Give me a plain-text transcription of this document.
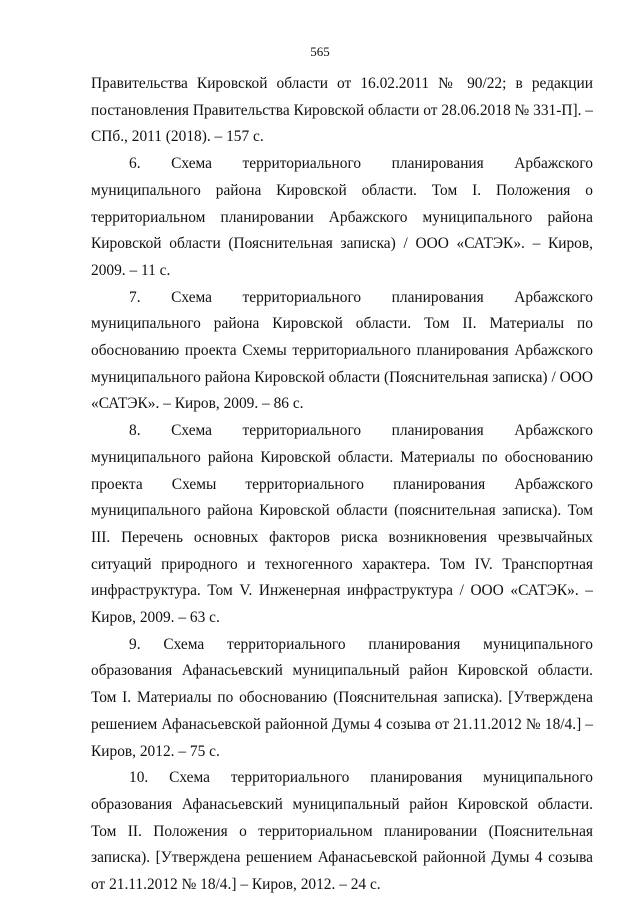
565

Правительства Кировской области от 16.02.2011 № 90/22; в редакции постановления Правительства Кировской области от 28.06.2018 № 331-П]. – СПб., 2011 (2018). – 157 с.

6. Схема территориального планирования Арбажского муниципального района Кировской области. Том I. Положения о территориальном планировании Арбажского муниципального района Кировской области (Пояснительная записка) / ООО «САТЭК». – Киров, 2009. – 11 с.

7. Схема территориального планирования Арбажского муниципального района Кировской области. Том II. Материалы по обоснованию проекта Схемы территориального планирования Арбажского муниципального района Кировской области (Пояснительная записка) / ООО «САТЭК». – Киров, 2009. – 86 с.

8. Схема территориального планирования Арбажского муниципального района Кировской области. Материалы по обоснованию проекта Схемы территориального планирования Арбажского муниципального района Кировской области (пояснительная записка). Том III. Перечень основных факторов риска возникновения чрезвычайных ситуаций природного и техногенного характера. Том IV. Транспортная инфраструктура. Том V. Инженерная инфраструктура / ООО «САТЭК». – Киров, 2009. – 63 с.

9. Схема территориального планирования муниципального образования Афанасьевский муниципальный район Кировской области. Том I. Материалы по обоснованию (Пояснительная записка). [Утверждена решением Афанасьевской районной Думы 4 созыва от 21.11.2012 № 18/4.] – Киров, 2012. – 75 с.

10. Схема территориального планирования муниципального образования Афанасьевский муниципальный район Кировской области. Том II. Положения о территориальном планировании (Пояснительная записка). [Утверждена решением Афанасьевской районной Думы 4 созыва от 21.11.2012 № 18/4.] – Киров, 2012. – 24 с.
